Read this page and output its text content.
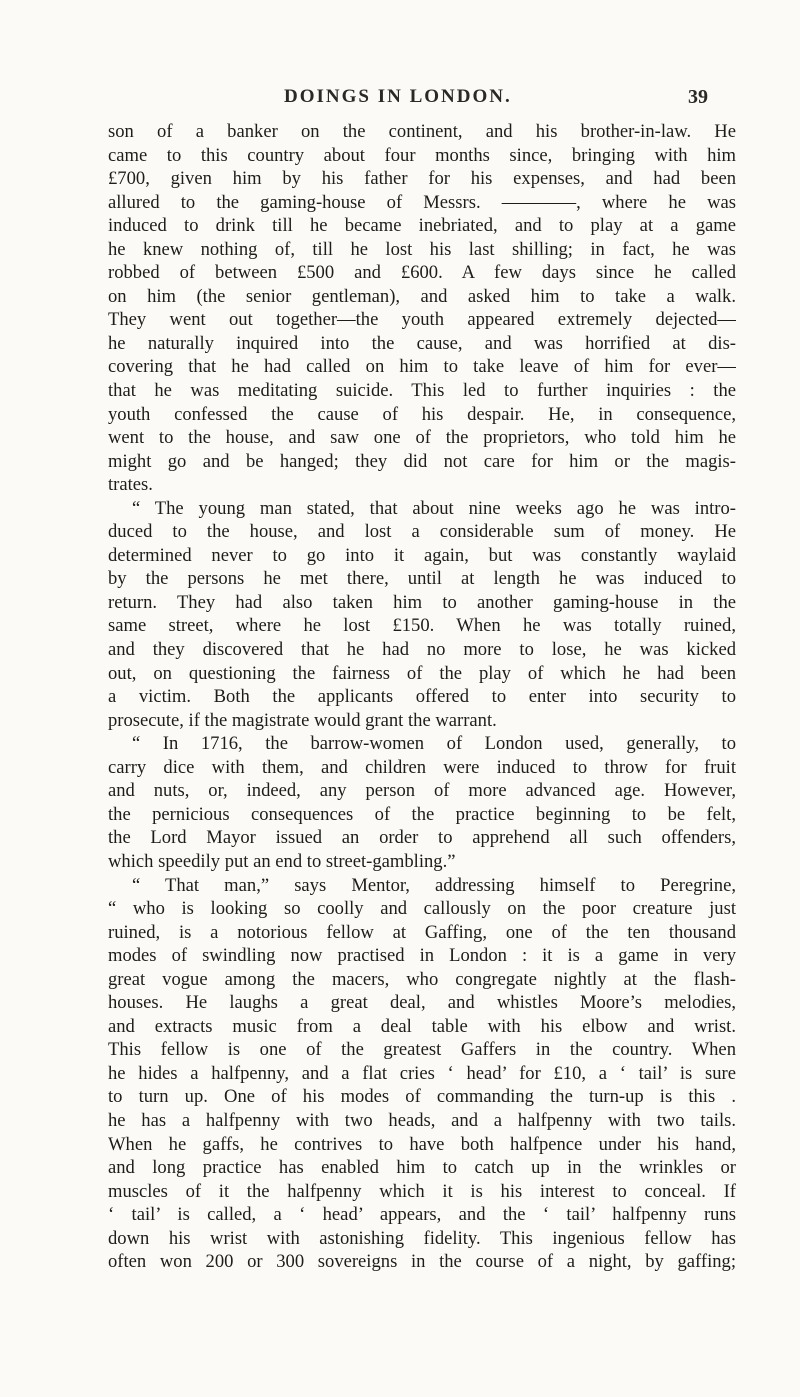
DOINGS IN LONDON.	39
son of a banker on the continent, and his brother-in-law. He
came to this country about four months since, bringing with him
£700, given him by his father for his expenses, and had been
allured to the gaming-house of Messrs. ————, where he was
induced to drink till he became inebriated, and to play at a game
he knew nothing of, till he lost his last shilling; in fact, he was
robbed of between £500 and £600. A few days since he called
on him (the senior gentleman), and asked him to take a walk.
They went out together—the youth appeared extremely dejected—
he naturally inquired into the cause, and was horrified at dis-
covering that he had called on him to take leave of him for ever—
that he was meditating suicide. This led to further inquiries : the
youth confessed the cause of his despair. He, in consequence,
went to the house, and saw one of the proprietors, who told him he
might go and be hanged; they did not care for him or the magis-
trates.
“ The young man stated, that about nine weeks ago he was intro-
duced to the house, and lost a considerable sum of money. He
determined never to go into it again, but was constantly waylaid
by the persons he met there, until at length he was induced to
return. They had also taken him to another gaming-house in the
same street, where he lost £150. When he was totally ruined,
and they discovered that he had no more to lose, he was kicked
out, on questioning the fairness of the play of which he had been
a victim. Both the applicants offered to enter into security to
prosecute, if the magistrate would grant the warrant.
“ In 1716, the barrow-women of London used, generally, to
carry dice with them, and children were induced to throw for fruit
and nuts, or, indeed, any person of more advanced age. However,
the pernicious consequences of the practice beginning to be felt,
the Lord Mayor issued an order to apprehend all such offenders,
which speedily put an end to street-gambling.”
“ That man,” says Mentor, addressing himself to Peregrine,
“ who is looking so coolly and callously on the poor creature just
ruined, is a notorious fellow at Gaffing, one of the ten thousand
modes of swindling now practised in London : it is a game in very
great vogue among the macers, who congregate nightly at the flash-
houses. He laughs a great deal, and whistles Moore’s melodies,
and extracts music from a deal table with his elbow and wrist.
This fellow is one of the greatest Gaffers in the country. When
he hides a halfpenny, and a flat cries ‘ head’ for £10, a ‘ tail’ is sure
to turn up. One of his modes of commanding the turn-up is this .
he has a halfpenny with two heads, and a halfpenny with two tails.
When he gaffs, he contrives to have both halfpence under his hand,
and long practice has enabled him to catch up in the wrinkles or
muscles of it the halfpenny which it is his interest to conceal. If
‘ tail’ is called, a ‘ head’ appears, and the ‘ tail’ halfpenny runs
down his wrist with astonishing fidelity. This ingenious fellow has
often won 200 or 300 sovereigns in the course of a night, by gaffing;
